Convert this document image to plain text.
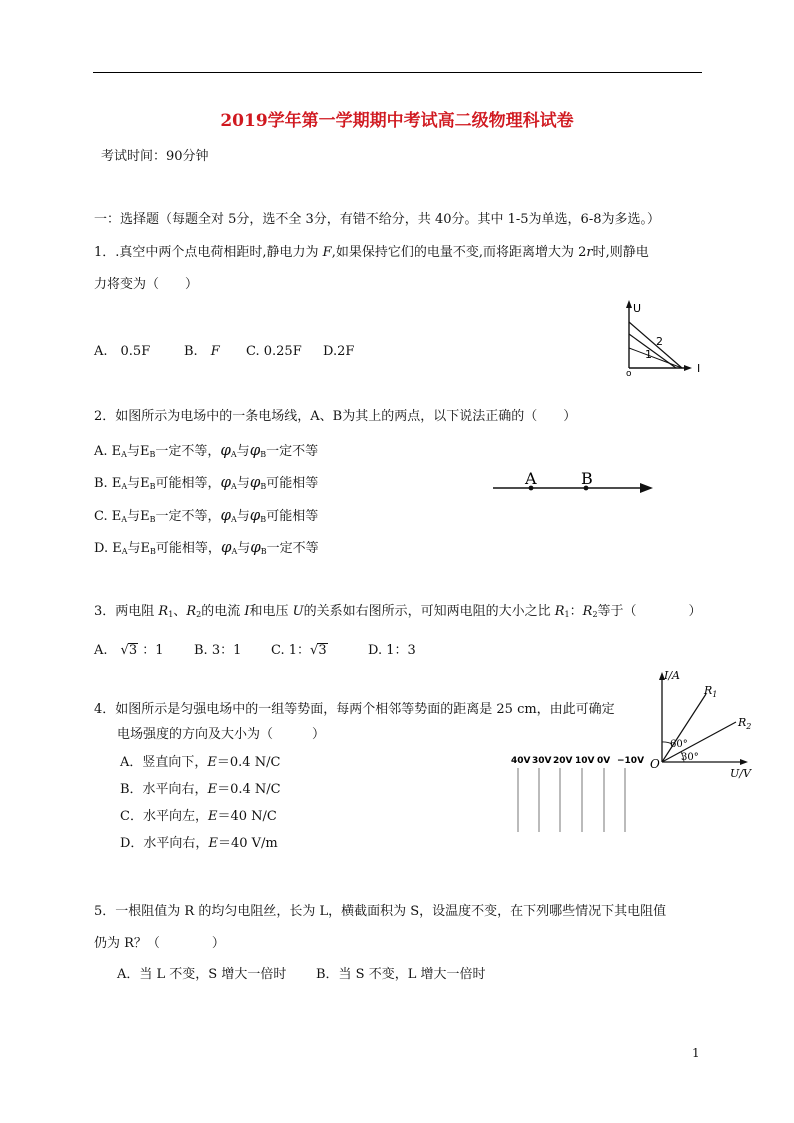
2019学年第一学期期中考试高二级物理科试卷
考试时间：90分钟
一：选择题（每题全对 5分，选不全 3分，有错不给分，共 40分。其中 1-5为单选，6-8为多选。）
1．.真空中两个点电荷相距时,静电力为 F,如果保持它们的电量不变,而将距离增大为 2r时,则静电
力将变为（　　）
A.　0.5F	B.　F C. 0.25F D.2F
U
I
o
2
1
2．如图所示为电场中的一条电场线，A、B为其上的两点，以下说法正确的（　　）
A. $E_A$与$E_B$一定不等，$\varphi_A$与$\varphi_B$一定不等
B. $E_A$与$E_B$可能相等，$\varphi_A$与$\varphi_B$可能相等
C. $E_A$与$E_B$一定不等，$\varphi_A$与$\varphi_B$可能相等
D. $E_A$与$E_B$可能相等，$\varphi_A$与$\varphi_B$一定不等
A	B
3．两电阻 $R_1$、$R_2$的电流 I和电压 U的关系如右图所示，可知两电阻的大小之比 $R_1$：$R_2$等于（　　　　）
A.　√3 ：1 B. 3：1 C. 1：√3	D. 1：3
I/A
U/V
O
$R_1$
$R_2$
60°
30°
4．如图所示是匀强电场中的一组等势面，每两个相邻等势面的距离是 25 cm，由此可确定
电场强度的方向及大小为（　　　）
A．竖直向下，E＝0.4 N/C
B．水平向右，E＝0.4 N/C
C．水平向左，E＝40 N/C
D．水平向右，E＝40 V/m
40V 30V 20V 10V 0V −10V
5．一根阻值为 R 的均匀电阻丝，长为 L，横截面积为 S，设温度不变，在下列哪些情况下其电阻值
仍为 R？（　　　　）
A．当 L 不变，S 增大一倍时 B．当 S 不变，L 增大一倍时
1
